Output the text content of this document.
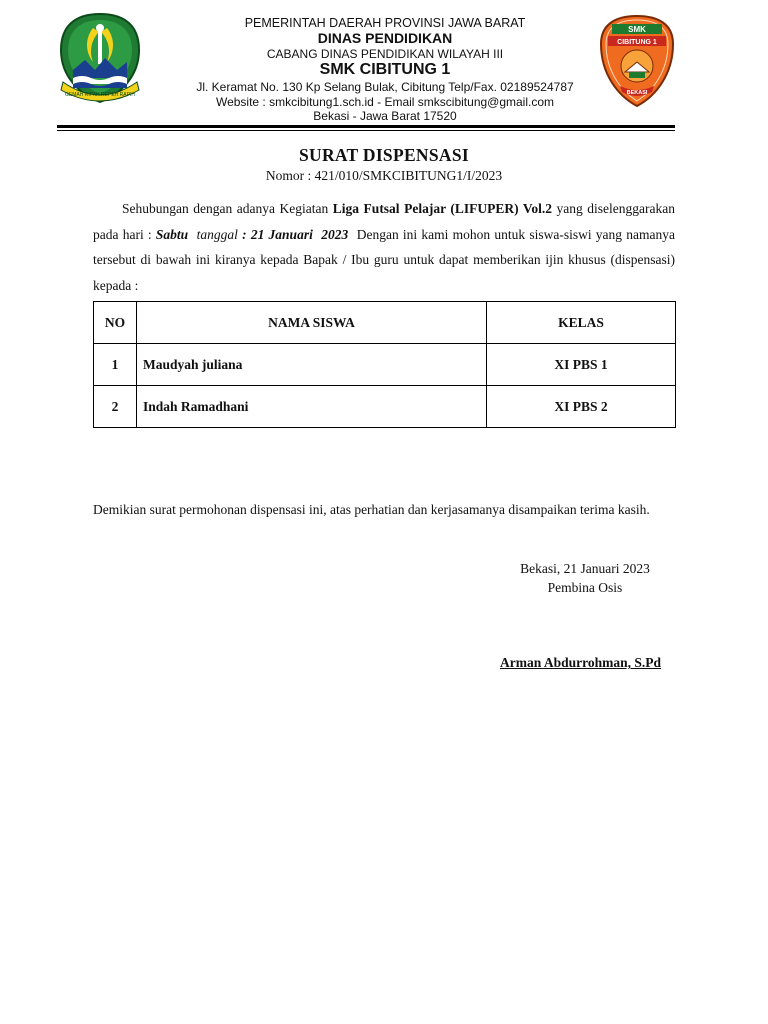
GEMAH RIPAH REPEH RAPIH
SMK
CIBITUNG 1
BEKASI
PEMERINTAH DAERAH PROVINSI JAWA BARAT
DINAS PENDIDIKAN
CABANG DINAS PENDIDIKAN WILAYAH III
SMK CIBITUNG 1
Jl. Keramat No. 130 Kp Selang Bulak, Cibitung Telp/Fax. 02189524787
Website : smkcibitung1.sch.id - Email smkscibitung@gmail.com
Bekasi - Jawa Barat 17520
SURAT DISPENSASI
Nomor : 421/010/SMKCIBITUNG1/I/2023
Sehubungan dengan adanya Kegiatan Liga Futsal Pelajar (LIFUPER) Vol.2 yang diselenggarakan pada hari : Sabtu  tanggal : 21 Januari  2023  Dengan ini kami mohon untuk siswa-siswi yang namanya tersebut di bawah ini kiranya kepada Bapak / Ibu guru untuk dapat memberikan ijin khusus (dispensasi) kepada :
NO	NAMA SISWA	KELAS
1	Maudyah juliana	XI PBS 1
2	Indah Ramadhani	XI PBS 2
Demikian surat permohonan dispensasi ini, atas perhatian dan kerjasamanya disampaikan terima kasih.
Bekasi, 21 Januari 2023
Pembina Osis
Arman Abdurrohman, S.Pd
